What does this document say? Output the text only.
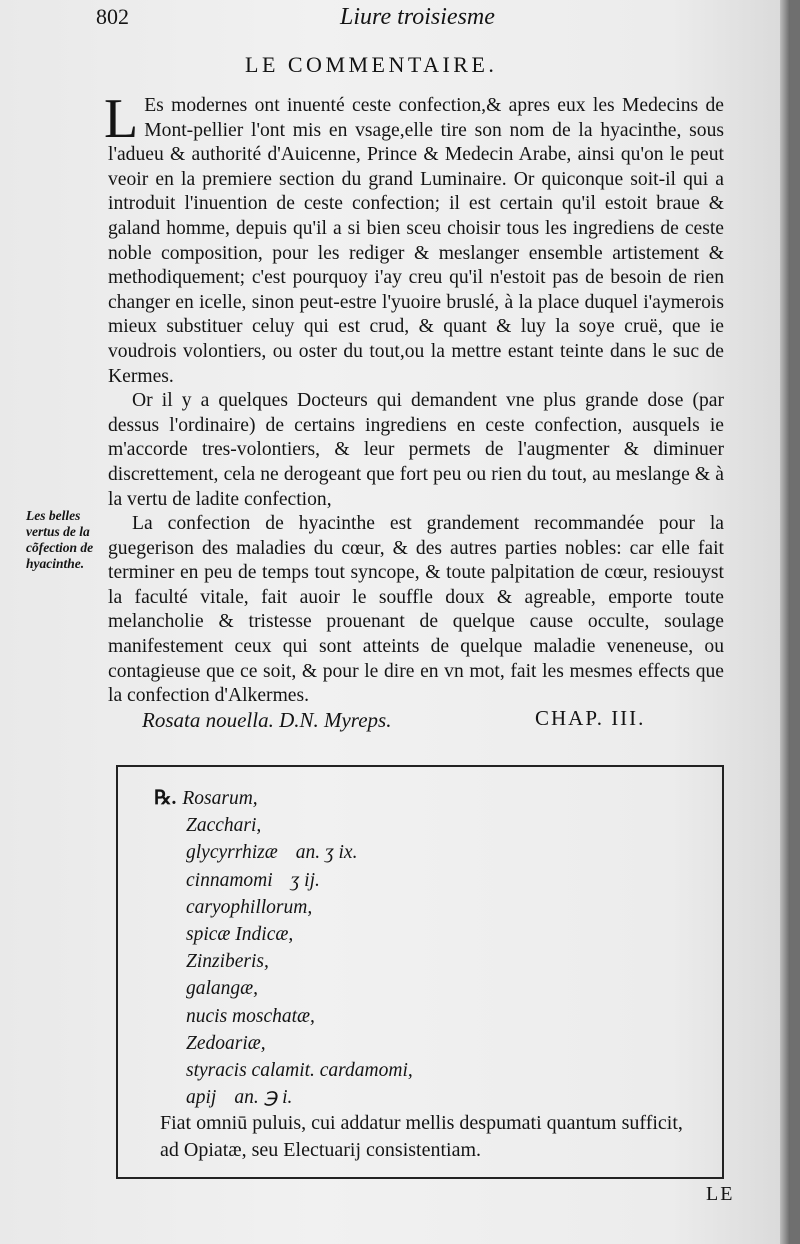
802	Liure troisiesme
LE COMMENTAIRE.

L Es modernes ont inuenté ceste confection,& apres eux les Medecins de Mont-pellier l'ont mis en vsage,elle tire son nom de la hyacinthe, sous l'adueu & authorité d'Auicenne, Prince & Medecin Arabe, ainsi qu'on le peut veoir en la premiere section du grand Luminaire. Or quiconque soit-il qui a introduit l'inuention de ceste confection; il est certain qu'il estoit braue & galand homme, depuis qu'il a si bien sceu choisir tous les ingrediens de ceste noble composition, pour les rediger & meslanger ensemble artistement & methodiquement; c'est pourquoy i'ay creu qu'il n'estoit pas de besoin de rien changer en icelle, sinon peut-estre l'yuoire bruslé, à la place duquel i'aymerois mieux substituer celuy qui est crud, & quant & luy la soye cruë, que ie voudrois volontiers, ou oster du tout,ou la mettre estant teinte dans le suc de Kermes.

Or il y a quelques Docteurs qui demandent vne plus grande dose (par dessus l'ordinaire) de certains ingrediens en ceste confection, ausquels ie m'accorde tres-volontiers, & leur permets de l'augmenter & diminuer discrettement, cela ne derogeant que fort peu ou rien du tout, au meslange & à la vertu de ladite confection,

La confection de hyacinthe est grandement recommandée pour la guegerison des maladies du cœur, & des autres parties nobles: car elle fait terminer en peu de temps tout syncope, & toute palpitation de cœur, resiouyst la faculté vitale, fait auoir le souffle doux & agreable, emporte toute melancholie & tristesse prouenant de quelque cause occulte, soulage manifestement ceux qui sont atteints de quelque maladie veneneuse, ou contagieuse que ce soit, & pour le dire en vn mot, fait les mesmes effects que la confection d'Alkermes.

Les belles vertus de la cõfection de hyacinthe.
Rosata nouella. D.N. Myreps.	CHAP. III.
℞. Rosarum,
Zacchari,
glycyrrhizæ an. ʒ ix.
cinnamomi ʒ ij.
caryophillorum,
spicæ Indicæ,
Zinziberis,
galangæ,
nucis moschatæ,
Zedoariæ,
styracis calamit. cardamomi,
apij an. ℈ i.
Fiat omniū puluis, cui addatur mellis despumati quantum sufficit, ad Opiatæ, seu Electuarij consistentiam.
LE
